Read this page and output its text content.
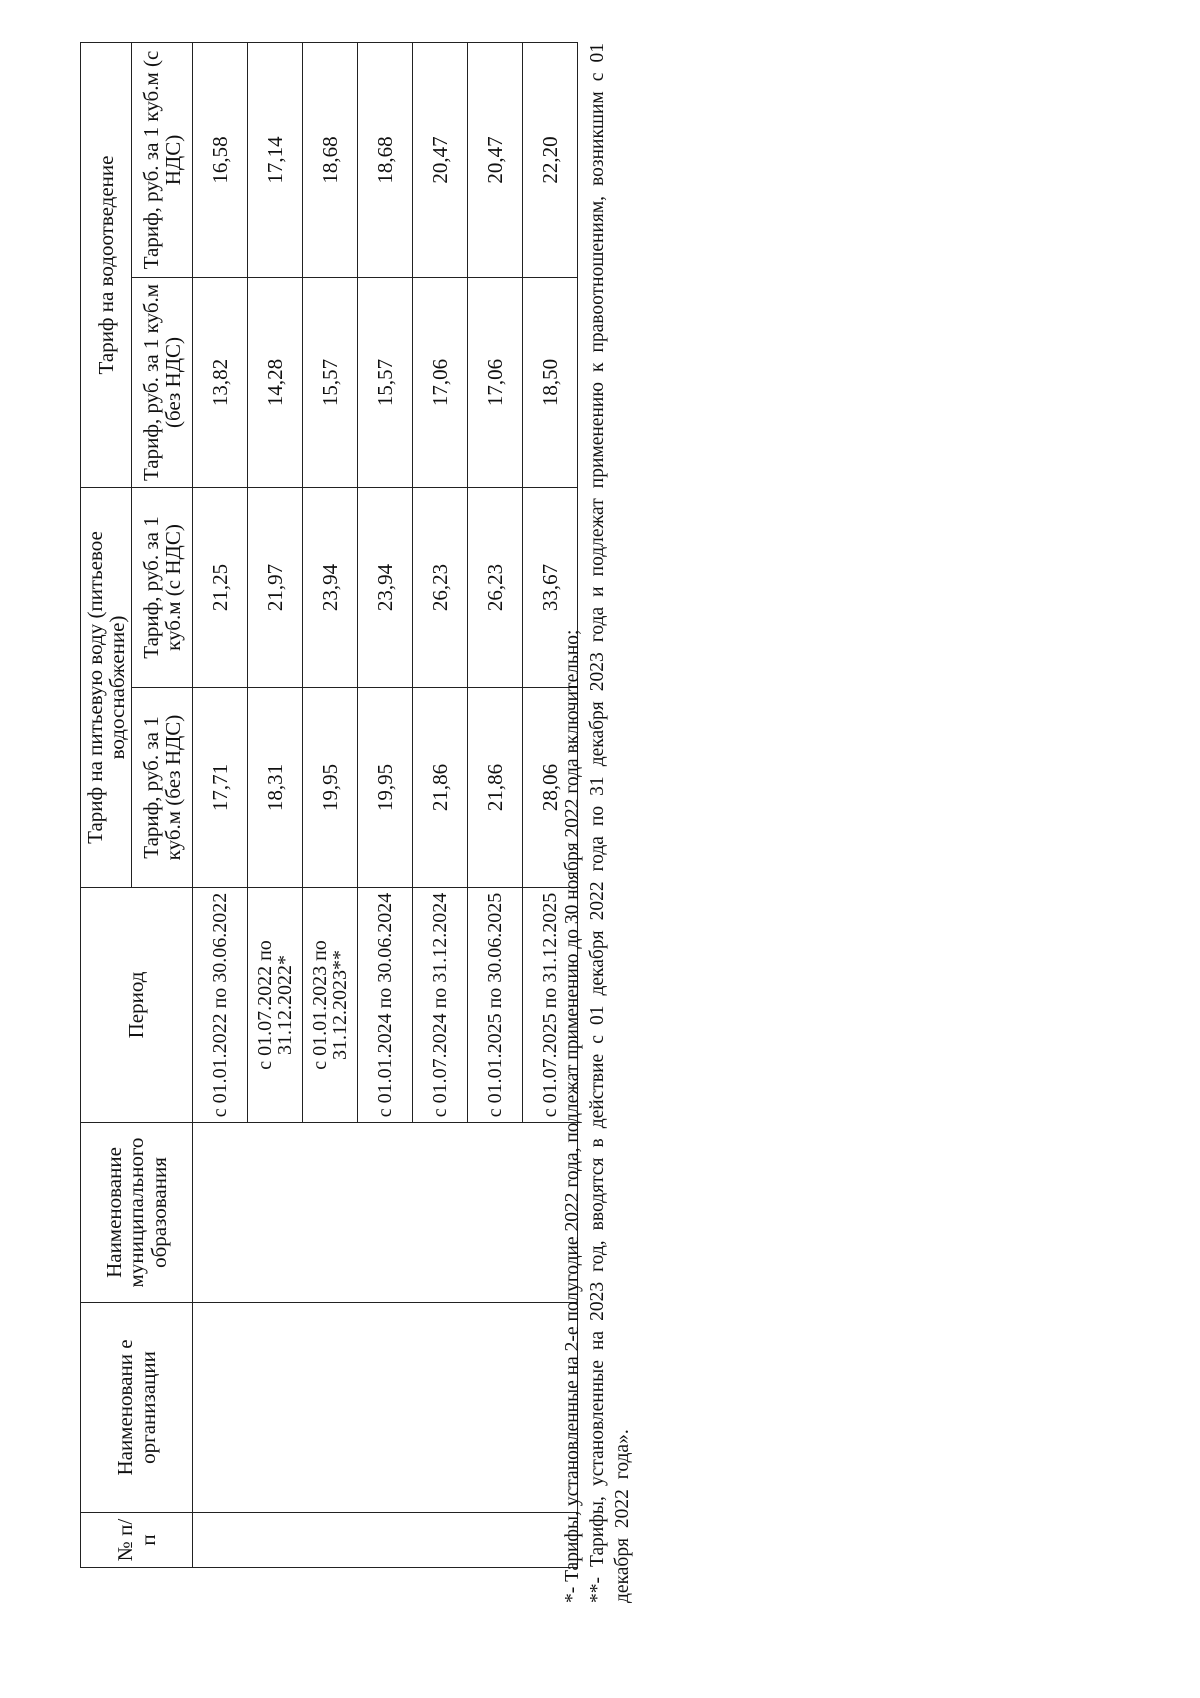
№ п/п	Наименовани е организации	Наименование муниципального образования	Период	Тариф на питьевую воду (питьевое водоснабжение)		Тариф на водоотведение	
				Тариф, руб. за 1 куб.м (без НДС)	Тариф, руб. за 1 куб.м (с НДС)	Тариф, руб. за 1 куб.м (без НДС)	Тариф, руб. за 1 куб.м (с НДС)
			с 01.01.2022 по 30.06.2022	17,71	21,25	13,82	16,58
			с 01.07.2022 по 31.12.2022*	18,31	21,97	14,28	17,14
			с 01.01.2023 по 31.12.2023**	19,95	23,94	15,57	18,68
			с 01.01.2024 по 30.06.2024	19,95	23,94	15,57	18,68
			с 01.07.2024 по 31.12.2024	21,86	26,23	17,06	20,47
			с 01.01.2025 по 30.06.2025	21,86	26,23	17,06	20,47
			с 01.07.2025 по 31.12.2025	28,06	33,67	18,50	22,20

*- Тарифы, установленные на 2-е полугодие 2022 года, подлежат применению до 30 ноября 2022 года включительно; **- Тарифы, установленные на 2023 год, вводятся в действие с 01 декабря 2022 года по 31 декабря 2023 года и подлежат применению к правоотношениям, возникшим с 01 декабря 2022 года».
